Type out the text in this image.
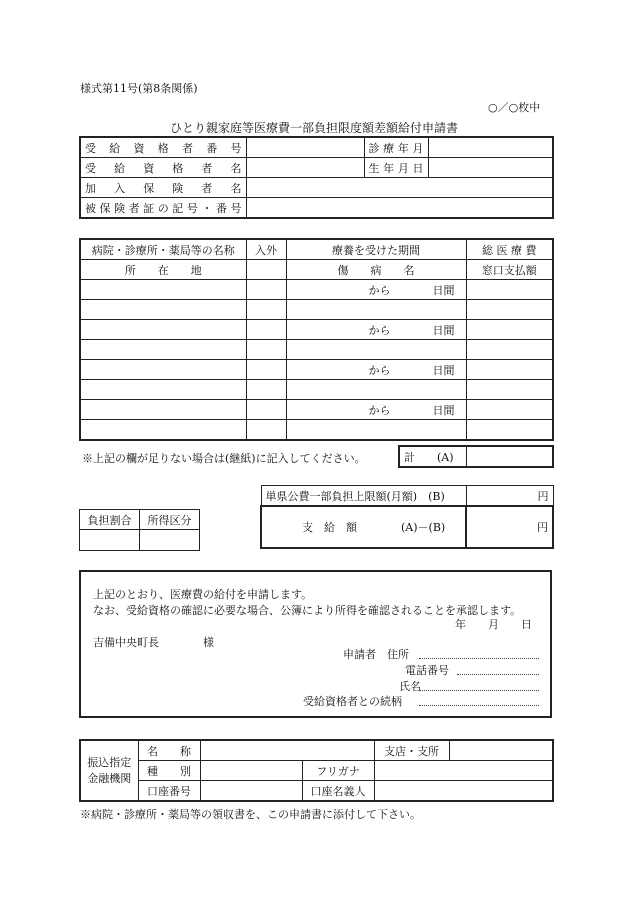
様式第11号(第8条関係)
○／○枚中
ひとり親家庭等医療費一部負担限度額差額給付申請書
受給資格者番号		診療年月	
受給資格者名		生年月日	
加入保険者名	
被保険者証の記号・番号	
病院・診療所・薬局等の名称	入外	療養を受けた期間	総 医 療 費
所　　在　　地		傷　　病　　名	窓口支払額
		から 日間	

		から 日間	

		から 日間	

		から 日間	

※上記の欄が足りない場合は(継紙)に記入してください。	計　　(A)	
負担割合	所得区分

単県公費一部負担上限額(月額)　(B)	円
支　給　額 (A)－(B)	円
上記のとおり、医療費の給付を申請します。
なお、受給資格の確認に必要な場合、公簿により所得を確認されることを承認します。
年　　月　　日
吉備中央町長　　　　様
申請者　住所
電話番号
氏名
受給資格者との続柄
振込指定
金融機関	名　　称			支店・支所	
	種　　別		フリガナ	
	口座番号		口座名義人	
※病院・診療所・薬局等の領収書を、この申請書に添付して下さい。
